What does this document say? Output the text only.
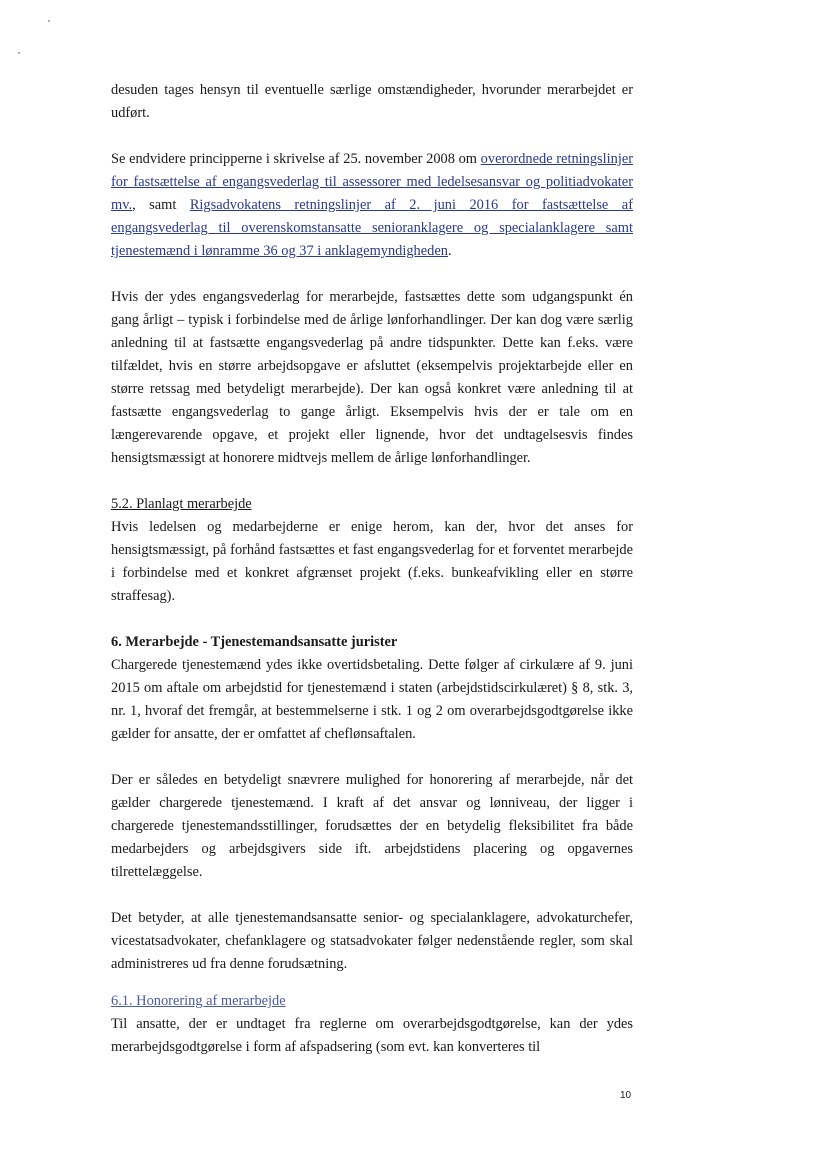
desuden tages hensyn til eventuelle særlige omstændigheder, hvorunder merarbejdet er udført.

Se endvidere principperne i skrivelse af 25. november 2008 om overordnede retningslinjer for fastsættelse af engangsvederlag til assessorer med ledelsesansvar og politiadvokater mv., samt Rigsadvokatens retningslinjer af 2. juni 2016 for fastsættelse af engangsvederlag til overenskomstansatte senioranklagere og specialanklagere samt tjenestemænd i lønramme 36 og 37 i anklagemyndigheden.

Hvis der ydes engangsvederlag for merarbejde, fastsættes dette som udgangspunkt én gang årligt – typisk i forbindelse med de årlige lønforhandlinger. Der kan dog være særlig anledning til at fastsætte engangsvederlag på andre tidspunkter. Dette kan f.eks. være tilfældet, hvis en større arbejdsopgave er afsluttet (eksempelvis projektarbejde eller en større retssag med betydeligt merarbejde). Der kan også konkret være anledning til at fastsætte engangsvederlag to gange årligt. Eksempelvis hvis der er tale om en længerevarende opgave, et projekt eller lignende, hvor det undtagelsesvis findes hensigtsmæssigt at honorere midtvejs mellem de årlige lønforhandlinger.

5.2. Planlagt merarbejde
Hvis ledelsen og medarbejderne er enige herom, kan der, hvor det anses for hensigtsmæssigt, på forhånd fastsættes et fast engangsvederlag for et forventet merarbejde i forbindelse med et konkret afgrænset projekt (f.eks. bunkeafvikling eller en større straffesag).

6. Merarbejde - Tjenestemandsansatte jurister
Chargerede tjenestemænd ydes ikke overtidsbetaling. Dette følger af cirkulære af 9. juni 2015 om aftale om arbejdstid for tjenestemænd i staten (arbejdstidscirkulæret) § 8, stk. 3, nr. 1, hvoraf det fremgår, at bestemmelserne i stk. 1 og 2 om overarbejdsgodtgørelse ikke gælder for ansatte, der er omfattet af cheflønsaftalen.

Der er således en betydeligt snævrere mulighed for honorering af merarbejde, når det gælder chargerede tjenestemænd. I kraft af det ansvar og lønniveau, der ligger i chargerede tjenestemandsstillinger, forudsættes der en betydelig fleksibilitet fra både medarbejders og arbejdsgivers side ift. arbejdstidens placering og opgavernes tilrettelæggelse.

Det betyder, at alle tjenestemandsansatte senior- og specialanklagere, advokaturchefer, vicestatsadvokater, chefanklagere og statsadvokater følger nedenstående regler, som skal administreres ud fra denne forudsætning.

6.1. Honorering af merarbejde
Til ansatte, der er undtaget fra reglerne om overarbejdsgodtgørelse, kan der ydes merarbejdsgodtgørelse i form af afspadsering (som evt. kan konverteres til

10
